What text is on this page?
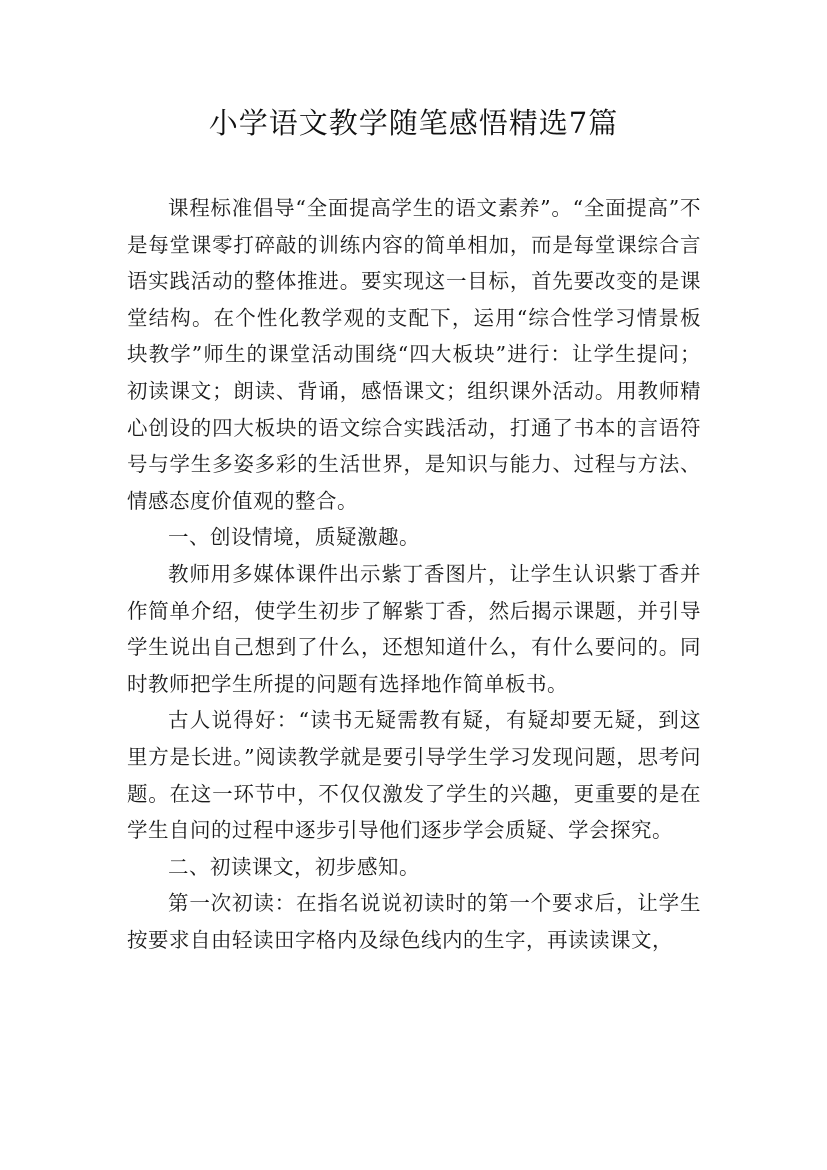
小学语文教学随笔感悟精选7篇

课程标准倡导“全面提高学生的语文素养”。“全面提高”不是每堂课零打碎敲的训练内容的简单相加，而是每堂课综合言语实践活动的整体推进。要实现这一目标，首先要改变的是课堂结构。在个性化教学观的支配下，运用“综合性学习情景板块教学”师生的课堂活动围绕“四大板块”进行：让学生提问；初读课文；朗读、背诵，感悟课文；组织课外活动。用教师精心创设的四大板块的语文综合实践活动，打通了书本的言语符号与学生多姿多彩的生活世界，是知识与能力、过程与方法、情感态度价值观的整合。

一、创设情境，质疑激趣。

教师用多媒体课件出示紫丁香图片，让学生认识紫丁香并作简单介绍，使学生初步了解紫丁香，然后揭示课题，并引导学生说出自己想到了什么，还想知道什么，有什么要问的。同时教师把学生所提的问题有选择地作简单板书。

古人说得好：“读书无疑需教有疑，有疑却要无疑，到这里方是长进。”阅读教学就是要引导学生学习发现问题，思考问题。在这一环节中，不仅仅激发了学生的兴趣，更重要的是在学生自问的过程中逐步引导他们逐步学会质疑、学会探究。

二、初读课文，初步感知。

第一次初读：在指名说说初读时的第一个要求后，让学生按要求自由轻读田字格内及绿色线内的生字，再读读课文，
